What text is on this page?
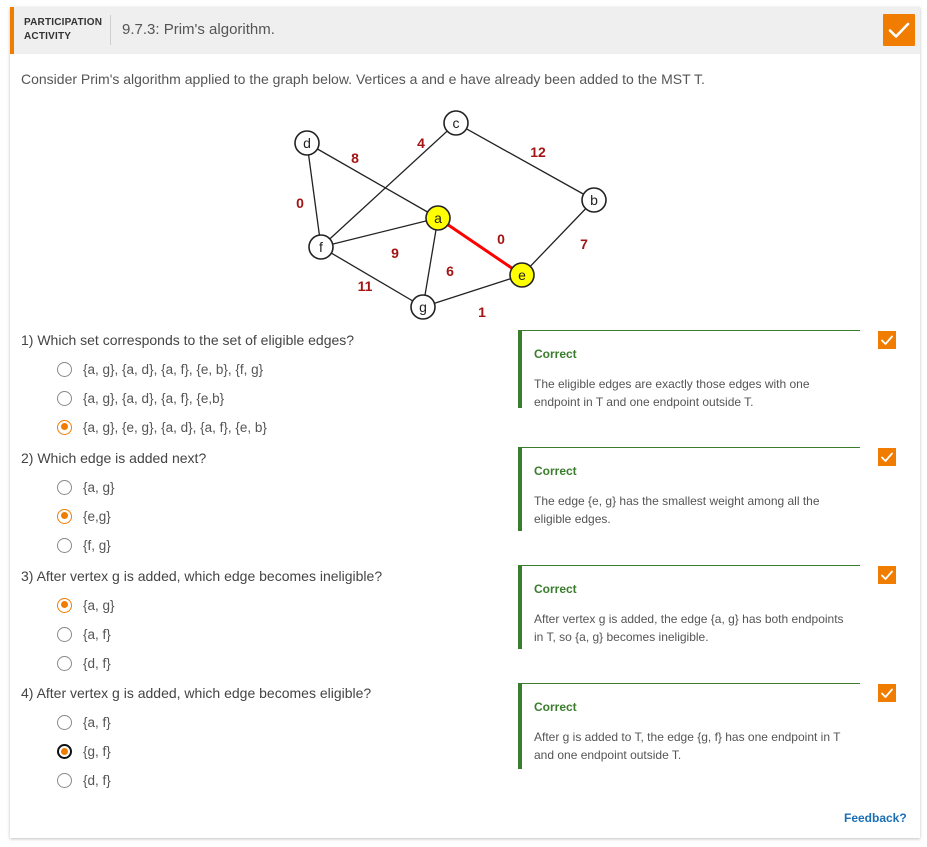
PARTICIPATION ACTIVITY	9.7.3: Prim's algorithm.
Consider Prim's algorithm applied to the graph below. Vertices a and e have already been added to the MST T.
0
8
4
12
9
11
6
0	7
1
d
c
b
a
f
e
g
1) Which set corresponds to the set of eligible edges?
{a, g}, {a, d}, {a, f}, {e, b}, {f, g}
{a, g}, {a, d}, {a, f}, {e,b}
{a, g}, {e, g}, {a, d}, {a, f}, {e, b}
Correct
The eligible edges are exactly those edges with one endpoint in T and one endpoint outside T.
2) Which edge is added next?
{a, g}
{e,g}
{f, g}
Correct
The edge {e, g} has the smallest weight among all the eligible edges.
3) After vertex g is added, which edge becomes ineligible?
{a, g}
{a, f}
{d, f}
Correct
After vertex g is added, the edge {a, g} has both endpoints in T, so {a, g} becomes ineligible.
4) After vertex g is added, which edge becomes eligible?
{a, f}
{g, f}
{d, f}
Correct
After g is added to T, the edge {g, f} has one endpoint in T and one endpoint outside T.
Feedback?
